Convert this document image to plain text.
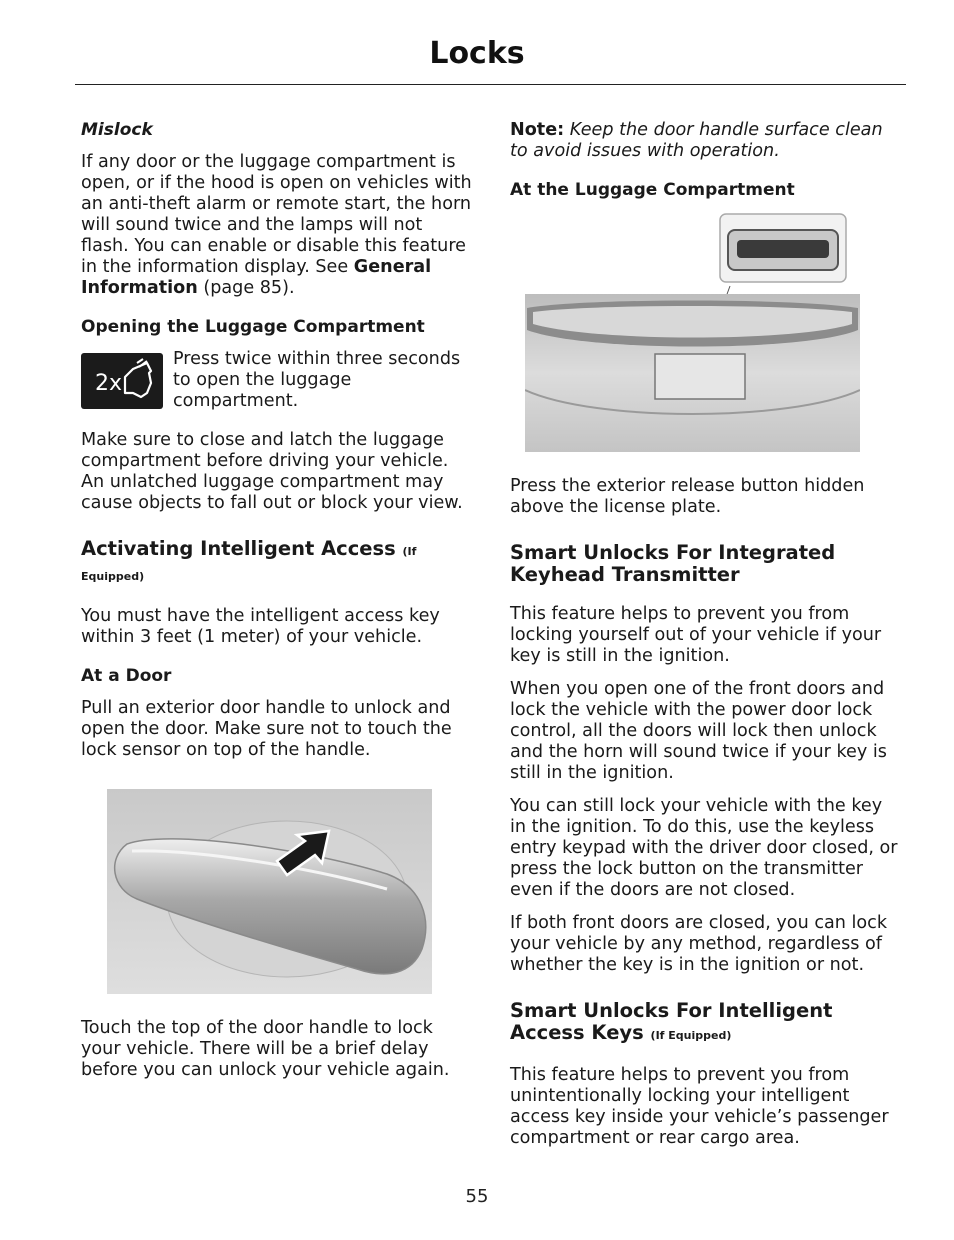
Locks

Mislock

If any door or the luggage compartment is open, or if the hood is open on vehicles with an anti-theft alarm or remote start, the horn will sound twice and the lamps will not flash. You can enable or disable this feature in the information display. See General Information (page 85).

Opening the Luggage Compartment

2x

Press twice within three seconds to open the luggage compartment.

Make sure to close and latch the luggage compartment before driving your vehicle. An unlatched luggage compartment may cause objects to fall out or block your view.

Activating Intelligent Access (If Equipped)

You must have the intelligent access key within 3 feet (1 meter) of your vehicle.

At a Door

Pull an exterior door handle to unlock and open the door. Make sure not to touch the lock sensor on top of the handle.

Touch the top of the door handle to lock your vehicle. There will be a brief delay before you can unlock your vehicle again.

Note: Keep the door handle surface clean to avoid issues with operation.

At the Luggage Compartment

Press the exterior release button hidden above the license plate.

Smart Unlocks For Integrated Keyhead Transmitter

This feature helps to prevent you from locking yourself out of your vehicle if your key is still in the ignition.

When you open one of the front doors and lock the vehicle with the power door lock control, all the doors will lock then unlock and the horn will sound twice if your key is still in the ignition.

You can still lock your vehicle with the key in the ignition. To do this, use the keyless entry keypad with the driver door closed, or press the lock button on the transmitter even if the doors are not closed.

If both front doors are closed, you can lock your vehicle by any method, regardless of whether the key is in the ignition or not.

Smart Unlocks For Intelligent Access Keys (If Equipped)

This feature helps to prevent you from unintentionally locking your intelligent access key inside your vehicle’s passenger compartment or rear cargo area.

55
